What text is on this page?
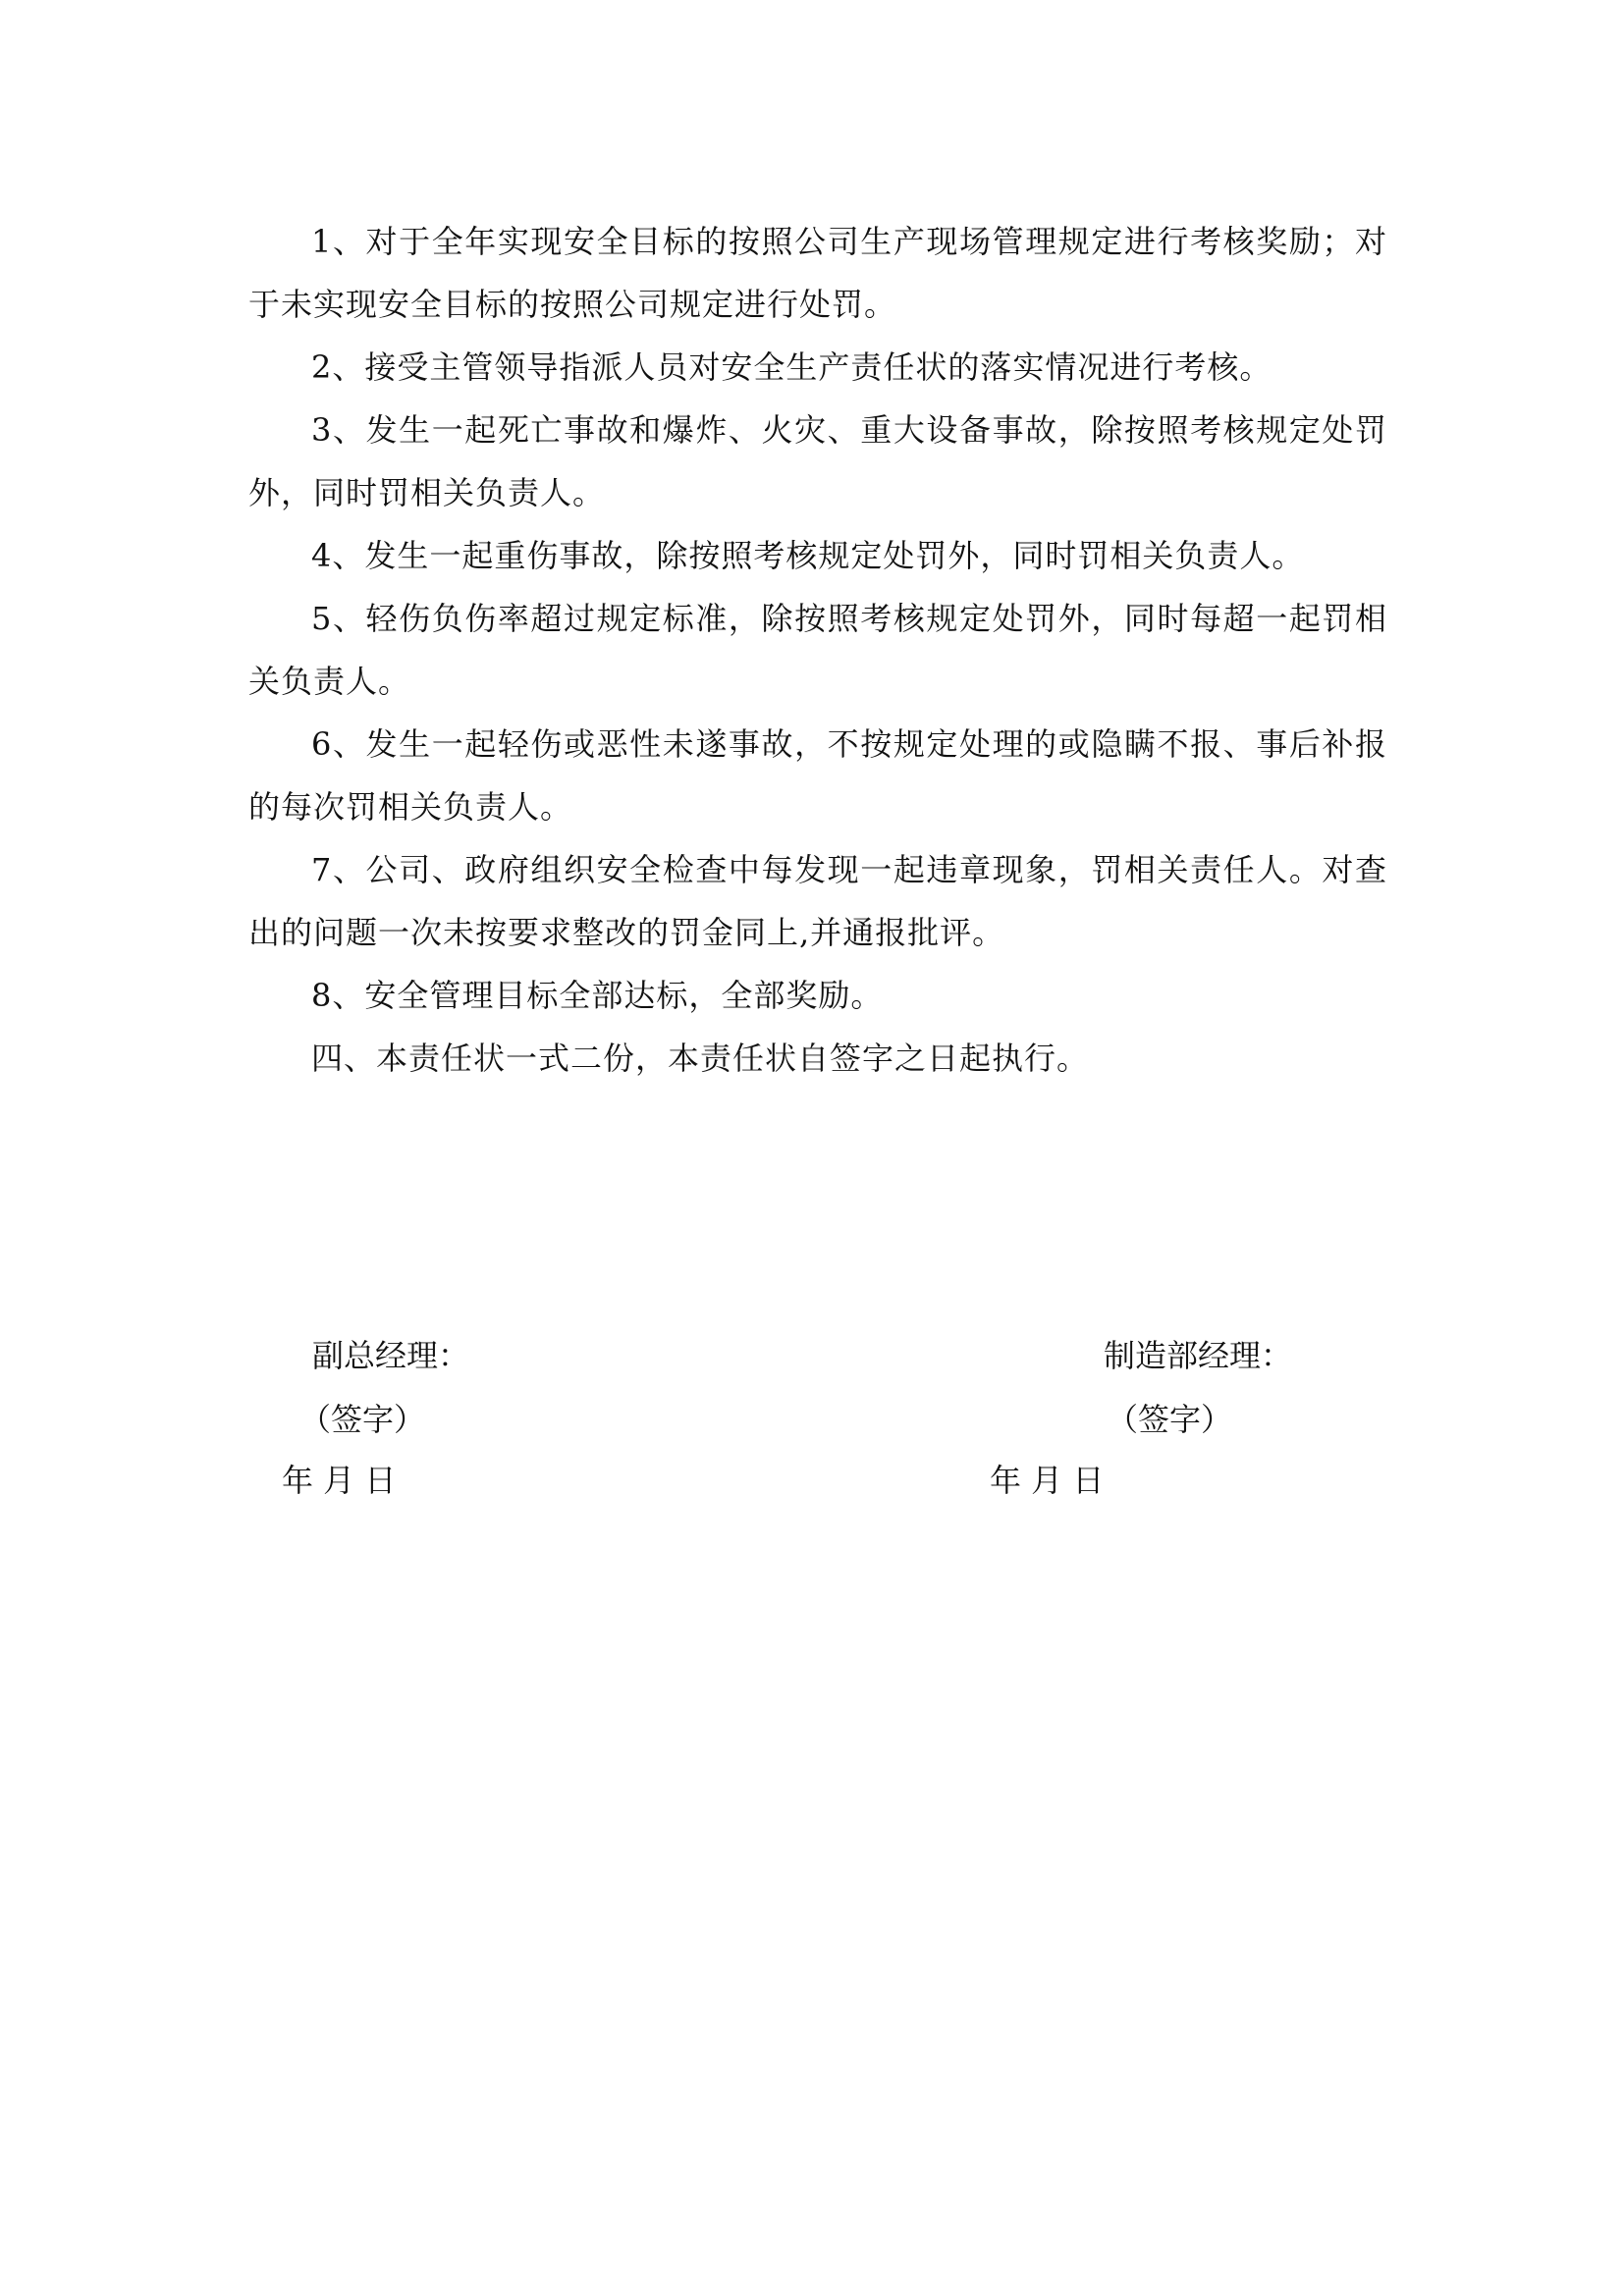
1、对于全年实现安全目标的按照公司生产现场管理规定进行考核奖励；对于未实现安全目标的按照公司规定进行处罚。

2、接受主管领导指派人员对安全生产责任状的落实情况进行考核。

3、发生一起死亡事故和爆炸、火灾、重大设备事故，除按照考核规定处罚外，同时罚相关负责人。

4、发生一起重伤事故，除按照考核规定处罚外，同时罚相关负责人。

5、轻伤负伤率超过规定标准，除按照考核规定处罚外，同时每超一起罚相关负责人。

6、发生一起轻伤或恶性未遂事故，不按规定处理的或隐瞒不报、事后补报的每次罚相关负责人。

7、公司、政府组织安全检查中每发现一起违章现象，罚相关责任人。对查出的问题一次未按要求整改的罚金同上,并通报批评。

8、安全管理目标全部达标，全部奖励。

四、本责任状一式二份，本责任状自签字之日起执行。

副总经理：
（签字）
年 月 日
制造部经理：
（签字）
年 月 日
